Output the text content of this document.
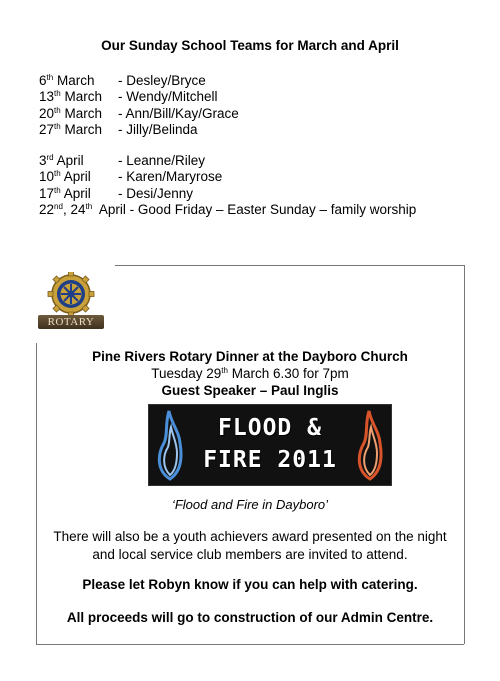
Our Sunday School Teams for March and April
6th March - Desley/Bryce
13th March - Wendy/Mitchell
20th March - Ann/Bill/Kay/Grace
27th March - Jilly/Belinda
3rd April	- Leanne/Riley
10th April - Karen/Maryrose
17th April - Desi/Jenny
22nd, 24th April - Good Friday – Easter Sunday – family worship
ROTARY
Pine Rivers Rotary Dinner at the Dayboro Church
Tuesday 29th March 6.30 for 7pm
Guest Speaker – Paul Inglis
FLOOD &
FIRE 2011
‘Flood and Fire in Dayboro’
There will also be a youth achievers award presented on the night
and local service club members are invited to attend.
Please let Robyn know if you can help with catering.
All proceeds will go to construction of our Admin Centre.
